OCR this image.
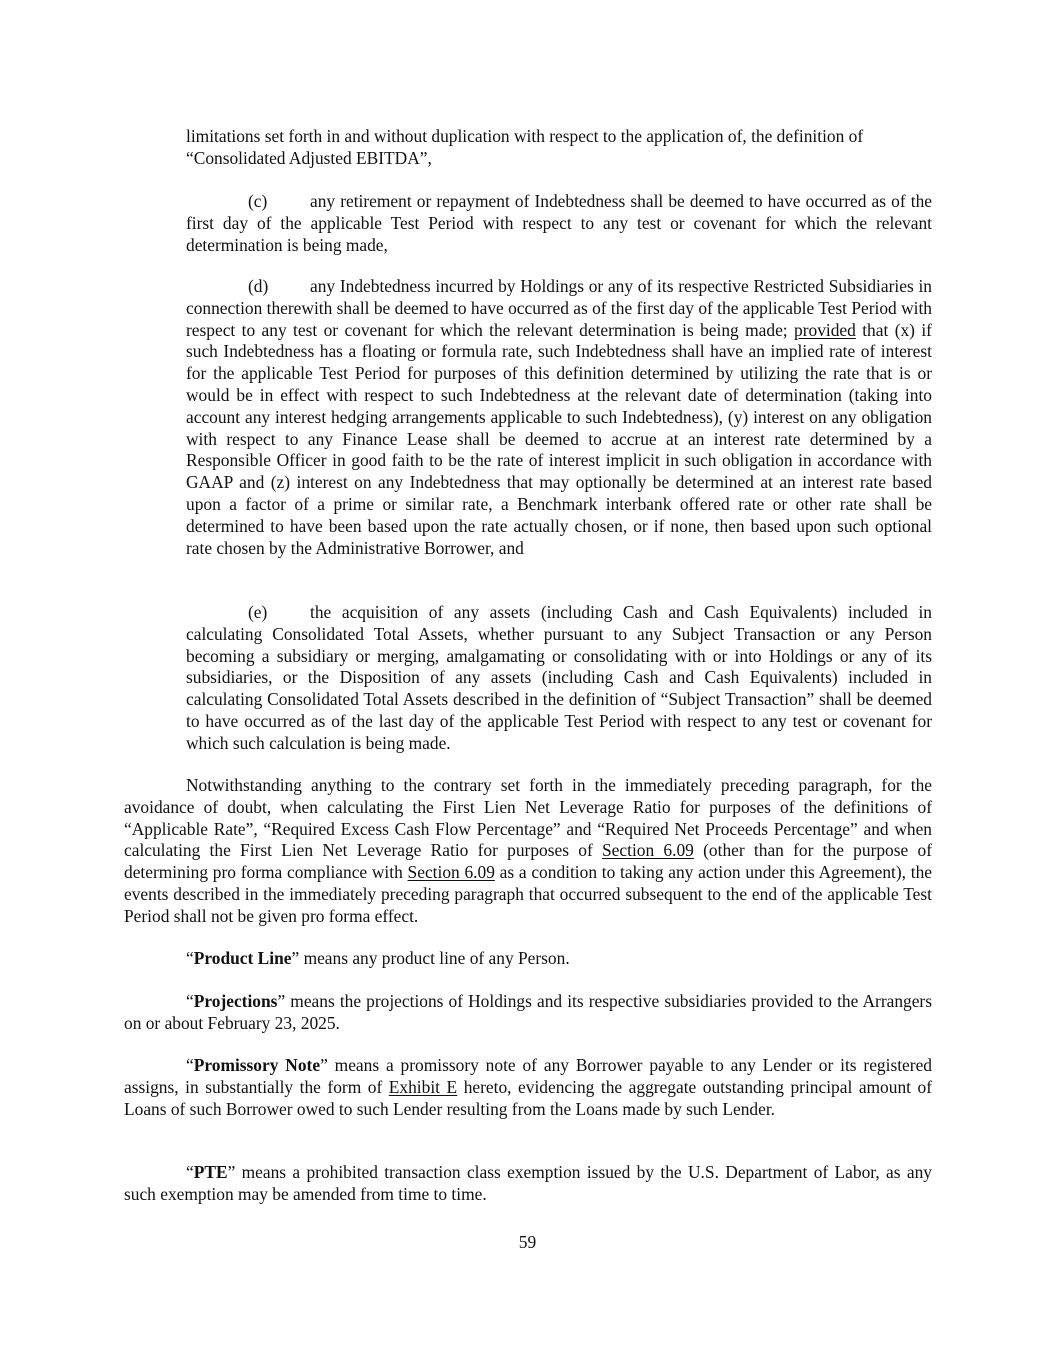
limitations set forth in and without duplication with respect to the application of, the definition of
“Consolidated Adjusted EBITDA”,
(c) any retirement or repayment of Indebtedness shall be deemed to have occurred as of the first day of the applicable Test Period with respect to any test or covenant for which the relevant determination is being made,
(d) any Indebtedness incurred by Holdings or any of its respective Restricted Subsidiaries in connection therewith shall be deemed to have occurred as of the first day of the applicable Test Period with respect to any test or covenant for which the relevant determination is being made; provided that (x) if such Indebtedness has a floating or formula rate, such Indebtedness shall have an implied rate of interest for the applicable Test Period for purposes of this definition determined by utilizing the rate that is or would be in effect with respect to such Indebtedness at the relevant date of determination (taking into account any interest hedging arrangements applicable to such Indebtedness), (y) interest on any obligation with respect to any Finance Lease shall be deemed to accrue at an interest rate determined by a Responsible Officer in good faith to be the rate of interest implicit in such obligation in accordance with GAAP and (z) interest on any Indebtedness that may optionally be determined at an interest rate based upon a factor of a prime or similar rate, a Benchmark interbank offered rate or other rate shall be determined to have been based upon the rate actually chosen, or if none, then based upon such optional rate chosen by the Administrative Borrower, and
(e) the acquisition of any assets (including Cash and Cash Equivalents) included in calculating Consolidated Total Assets, whether pursuant to any Subject Transaction or any Person becoming a subsidiary or merging, amalgamating or consolidating with or into Holdings or any of its subsidiaries, or the Disposition of any assets (including Cash and Cash Equivalents) included in calculating Consolidated Total Assets described in the definition of “Subject Transaction” shall be deemed to have occurred as of the last day of the applicable Test Period with respect to any test or covenant for which such calculation is being made.
Notwithstanding anything to the contrary set forth in the immediately preceding paragraph, for the avoidance of doubt, when calculating the First Lien Net Leverage Ratio for purposes of the definitions of “Applicable Rate”, “Required Excess Cash Flow Percentage” and “Required Net Proceeds Percentage” and when calculating the First Lien Net Leverage Ratio for purposes of Section 6.09 (other than for the purpose of determining pro forma compliance with Section 6.09 as a condition to taking any action under this Agreement), the events described in the immediately preceding paragraph that occurred subsequent to the end of the applicable Test Period shall not be given pro forma effect.
“Product Line” means any product line of any Person.
“Projections” means the projections of Holdings and its respective subsidiaries provided to the Arrangers on or about February 23, 2025.
“Promissory Note” means a promissory note of any Borrower payable to any Lender or its registered assigns, in substantially the form of Exhibit E hereto, evidencing the aggregate outstanding principal amount of Loans of such Borrower owed to such Lender resulting from the Loans made by such Lender.
“PTE” means a prohibited transaction class exemption issued by the U.S. Department of Labor, as any such exemption may be amended from time to time.
59
